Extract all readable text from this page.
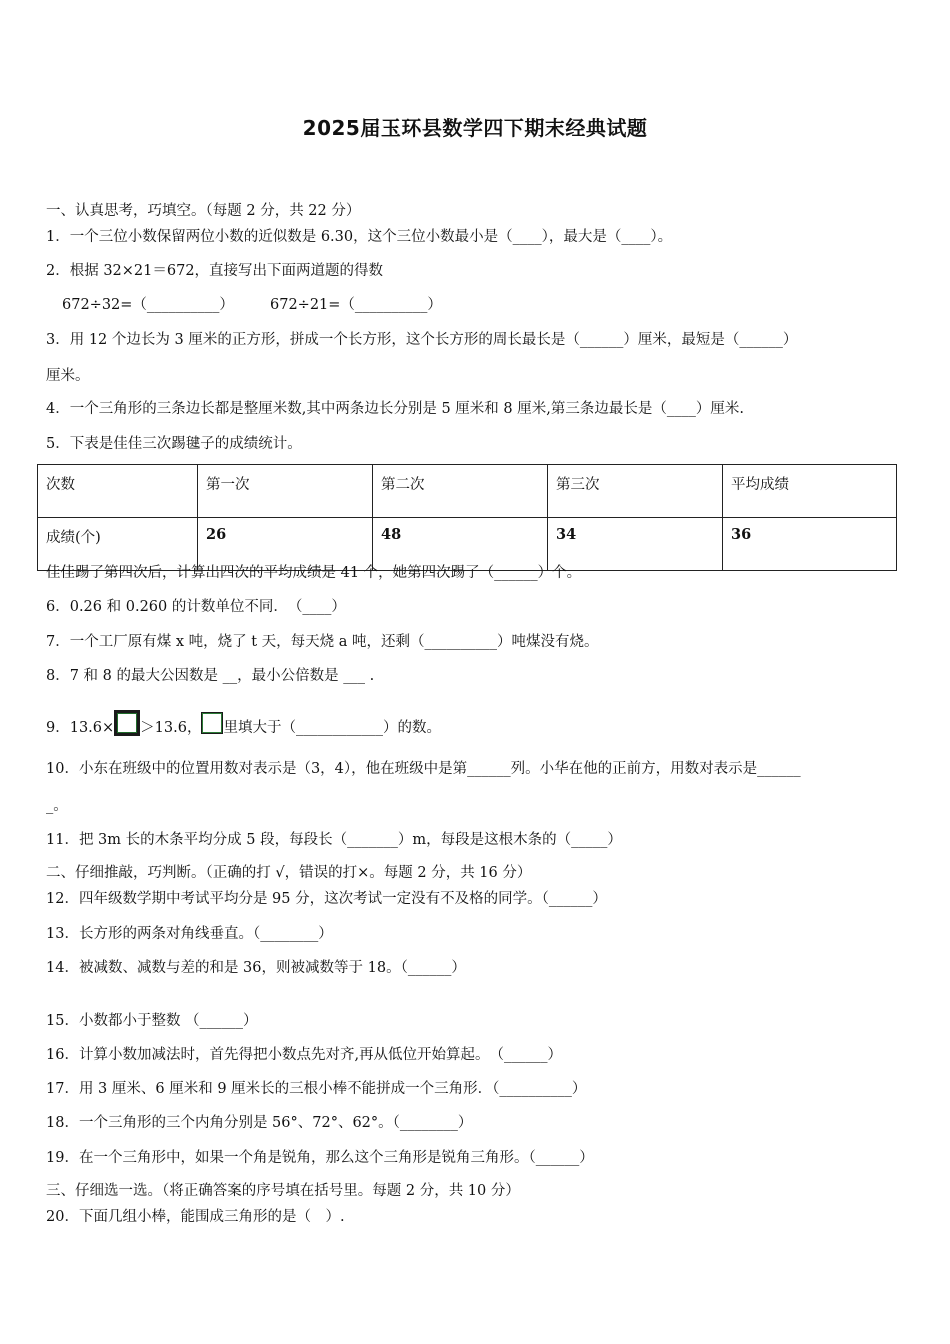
2025届玉环县数学四下期末经典试题
一、认真思考，巧填空。（每题 2 分，共 22 分）
1．一个三位小数保留两位小数的近似数是 6.30，这个三位小数最小是（____），最大是（____）。
2．根据 32×21＝672，直接写出下面两道题的得数
672÷32=（__________） 672÷21=（__________）
3．用 12 个边长为 3 厘米的正方形，拼成一个长方形，这个长方形的周长最长是（______）厘米，最短是（______）
厘米。
4．一个三角形的三条边长都是整厘米数,其中两条边长分别是 5 厘米和 8 厘米,第三条边最长是（____）厘米.
5．下表是佳佳三次踢毽子的成绩统计。
次数	第一次	第二次	第三次	平均成绩
成绩(个)	26	48	34	36
佳佳踢了第四次后，计算出四次的平均成绩是 41 个，她第四次踢了（______）个。
6．0.26 和 0.260 的计数单位不同．　（____）
7．一个工厂原有煤 x 吨，烧了 t 天，每天烧 a 吨，还剩（__________）吨煤没有烧。
8．7 和 8 的最大公因数是 __，最小公倍数是 ___ .
9．13.6× ＞13.6， 里填大于（____________）的数。
10．小东在班级中的位置用数对表示是（3，4），他在班级中是第______列。小华在他的正前方，用数对表示是______
_。
11．把 3m 长的木条平均分成 5 段，每段长（_______）m，每段是这根木条的（_____）
二、仔细推敲，巧判断。（正确的打 √，错误的打×。每题 2 分，共 16 分）
12．四年级数学期中考试平均分是 95 分，这次考试一定没有不及格的同学。（______）
13．长方形的两条对角线垂直。（________）
14．被减数、减数与差的和是 36，则被减数等于 18。（______）
15．小数都小于整数 （______）
16．计算小数加减法时，首先得把小数点先对齐,再从低位开始算起。　（______）
17．用 3 厘米、6 厘米和 9 厘米长的三根小棒不能拼成一个三角形．（__________）
18．一个三角形的三个内角分别是 56°、72°、62°。（________）
19．在一个三角形中，如果一个角是锐角，那么这个三角形是锐角三角形。（______）
三、仔细选一选。（将正确答案的序号填在括号里。每题 2 分，共 10 分）
20．下面几组小棒，能围成三角形的是（　）.
